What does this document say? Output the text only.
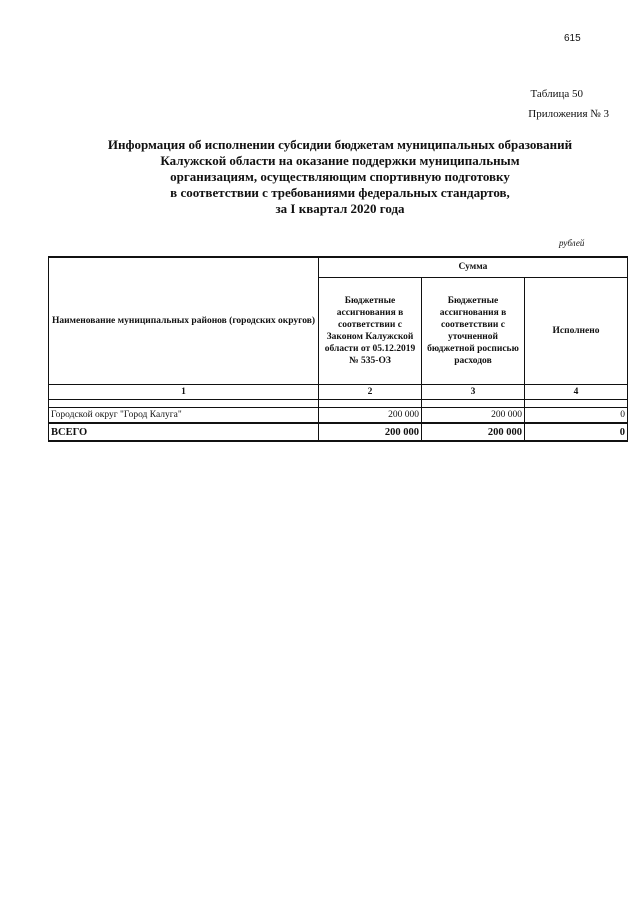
615
Таблица 50
Приложения № 3
Информация об исполнении субсидии бюджетам муниципальных образований
Калужской области на оказание поддержки муниципальным
организациям, осуществляющим спортивную подготовку
в соответствии с требованиями федеральных стандартов,
за I квартал 2020 года
рублей
Наименование муниципальных районов (городских округов)	Сумма		
	Бюджетные ассигнования в соответствии с Законом Калужской области от 05.12.2019 № 535-ОЗ	Бюджетные ассигнования в соответствии с уточненной бюджетной росписью расходов	Исполнено
1	2	3	4

Городской округ "Город Калуга"	200 000	200 000	0
ВСЕГО	200 000	200 000	0
